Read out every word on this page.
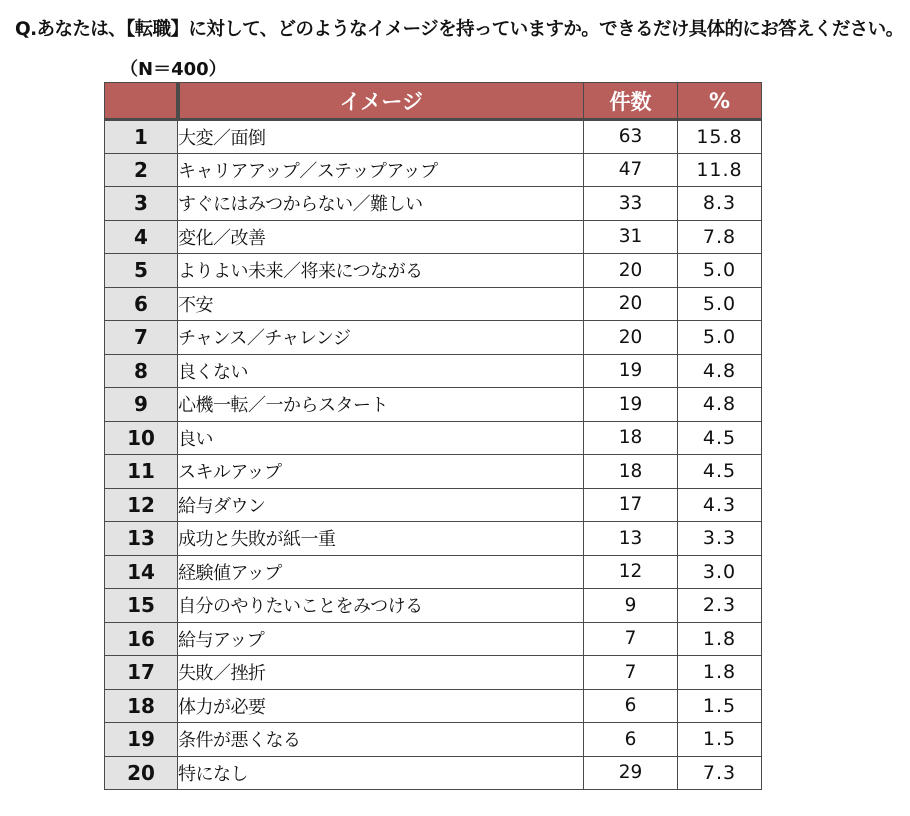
Q.あなたは、【転職】に対して、どのようなイメージを持っていますか。できるだけ具体的にお答えください。
（N＝400）
	イメージ	件数	%
1	大変／面倒	63	15.8
2	キャリアアップ／ステップアップ	47	11.8
3	すぐにはみつからない／難しい	33	8.3
4	変化／改善	31	7.8
5	よりよい未来／将来につながる	20	5.0
6	不安	20	5.0
7	チャンス／チャレンジ	20	5.0
8	良くない	19	4.8
9	心機一転／一からスタート	19	4.8
10	良い	18	4.5
11	スキルアップ	18	4.5
12	給与ダウン	17	4.3
13	成功と失敗が紙一重	13	3.3
14	経験値アップ	12	3.0
15	自分のやりたいことをみつける	9	2.3
16	給与アップ	7	1.8
17	失敗／挫折	7	1.8
18	体力が必要	6	1.5
19	条件が悪くなる	6	1.5
20	特になし	29	7.3
